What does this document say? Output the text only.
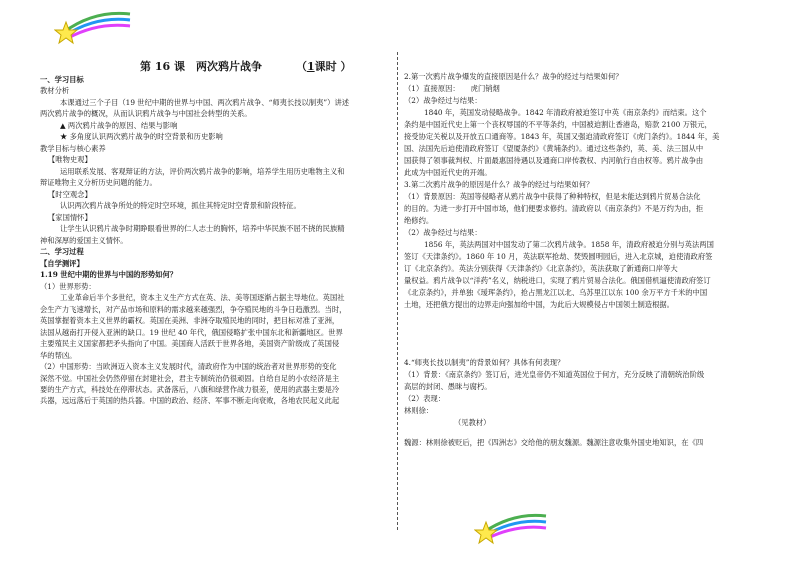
第 16 课　两次鸦片战争	（1课时 ）
一、学习目标
教材分析
本课通过三个子目（19 世纪中期的世界与中国、两次鸦片战争、“师夷长技以制夷”）讲述
两次鸦片战争的概况，从而认识鸦片战争与中国社会转型的关系。
▲ 两次鸦片战争的原因、结果与影响
★ 多角度认识两次鸦片战争的时空背景和历史影响
教学目标与核心素养
【唯物史观】
运用联系发展、客观辩证的方法，评价两次鸦片战争的影响，培养学生用历史唯物主义和
辩证唯物主义分析历史问题的能力。
【时空观念】
认识两次鸦片战争所处的特定时空环境，抓住其特定时空背景和阶段特征。
【家国情怀】
让学生认识鸦片战争时期睁眼看世界的仁人志士的胸怀，培养中华民族不屈不挠的民族精
神和深厚的爱国主义情怀。
二、学习过程
【自学测评】
1.19 世纪中期的世界与中国的形势如何？
（1）世界形势：
工业革命后半个多世纪，资本主义生产方式在英、法、美等国逐渐占据主导地位。英国社
会生产力飞速增长，对产品市场和原料的需求越来越强烈，争夺殖民地的斗争日趋激烈。当时，
英国掌握着资本主义世界的霸权。英国在美洲、非洲夺取殖民地的同时，把目标对准了亚洲，
法国从越南打开侵入亚洲的缺口。19 世纪 40 年代，俄国侵略扩张中国东北和新疆地区。世界
主要殖民主义国家都把矛头指向了中国。美国商人活跃于世界各地，美国资产阶级成了英国侵
华的帮凶。
（2）中国形势：当欧洲迈入资本主义发展时代，清政府作为中国的统治者对世界形势的变化
深然不觉。中国社会仍然停留在封建社会，君主专制统治仍很顽固。自给自足的小农经济是主
要的生产方式，科技处在停滞状态。武备落后，八旗和绿营作战力很差，使用的武器主要是冷
兵器，远远落后于英国的热兵器。中国的政治、经济、军事不断走向衰败，各地农民起义此起
2.第一次鸦片战争爆发的直接原因是什么？战争的经过与结果如何？
（1）直接原因：　　虎门销烟
（2）战争经过与结果：
1840 年，英国发动侵略战争。1842 年清政府被迫签订中英《南京条约》而结束。这个
条约是中国近代史上第一个丧权辱国的不平等条约，中国被迫割让香港岛，赔款 2100 万银元，
接受协定关税以及开放五口通商等。1843 年，英国又强迫清政府签订《虎门条约》。1844 年，美
国、法国先后迫使清政府签订《望厦条约》《黄埔条约》。通过这些条约，英、美、法三国从中
国获得了领事裁判权、片面最惠国待遇以及通商口岸传教权、内河航行自由权等。鸦片战争由
此成为中国近代史的开端。
3.第二次鸦片战争的原因是什么？战争的经过与结果如何？
（1）背景原因：英国等侵略者从鸦片战争中获得了种种特权，但是未能达到鸦片贸易合法化
的目的。为进一步打开中国市场，他们便要求修约。清政府以《南京条约》不是万约为由，拒
绝修约。
（2）战争经过与结果：
1856 年，英法两国对中国发动了第二次鸦片战争。1858 年，清政府被迫分别与英法两国
签订《天津条约》。1860 年 10 月，英法联军抢劫、焚毁圆明园后，进入北京城，迫使清政府签
订《北京条约》。英法分别获得《天津条约》《北京条约》，英法获取了新通商口岸等大
量权益。鸦片战争以“洋药”名义，纳税进口，实现了鸦片贸易合法化。俄国借机逼使清政府签订
《北京条约》，并单独《瑷珲条约》，抢占黑龙江以北、乌苏里江以东 100 余万平方千米的中国
土地，还把俄方提出的边界走向强加给中国，为此后大规模侵占中国领土制造根据。
4.“师夷长技以制夷”的背景如何？具体有何表现？
（1）背景：《南京条约》签订后，进光皇帝仍不知道英国位于何方，充分反映了清朝统治阶级
高层的封闭、愚昧与腐朽。
（2）表现：
林则徐：
（见教材）
魏源：林则徐被贬后，把《四洲志》交给他的朋友魏源。魏源注意收集外国史地知识，在《四
